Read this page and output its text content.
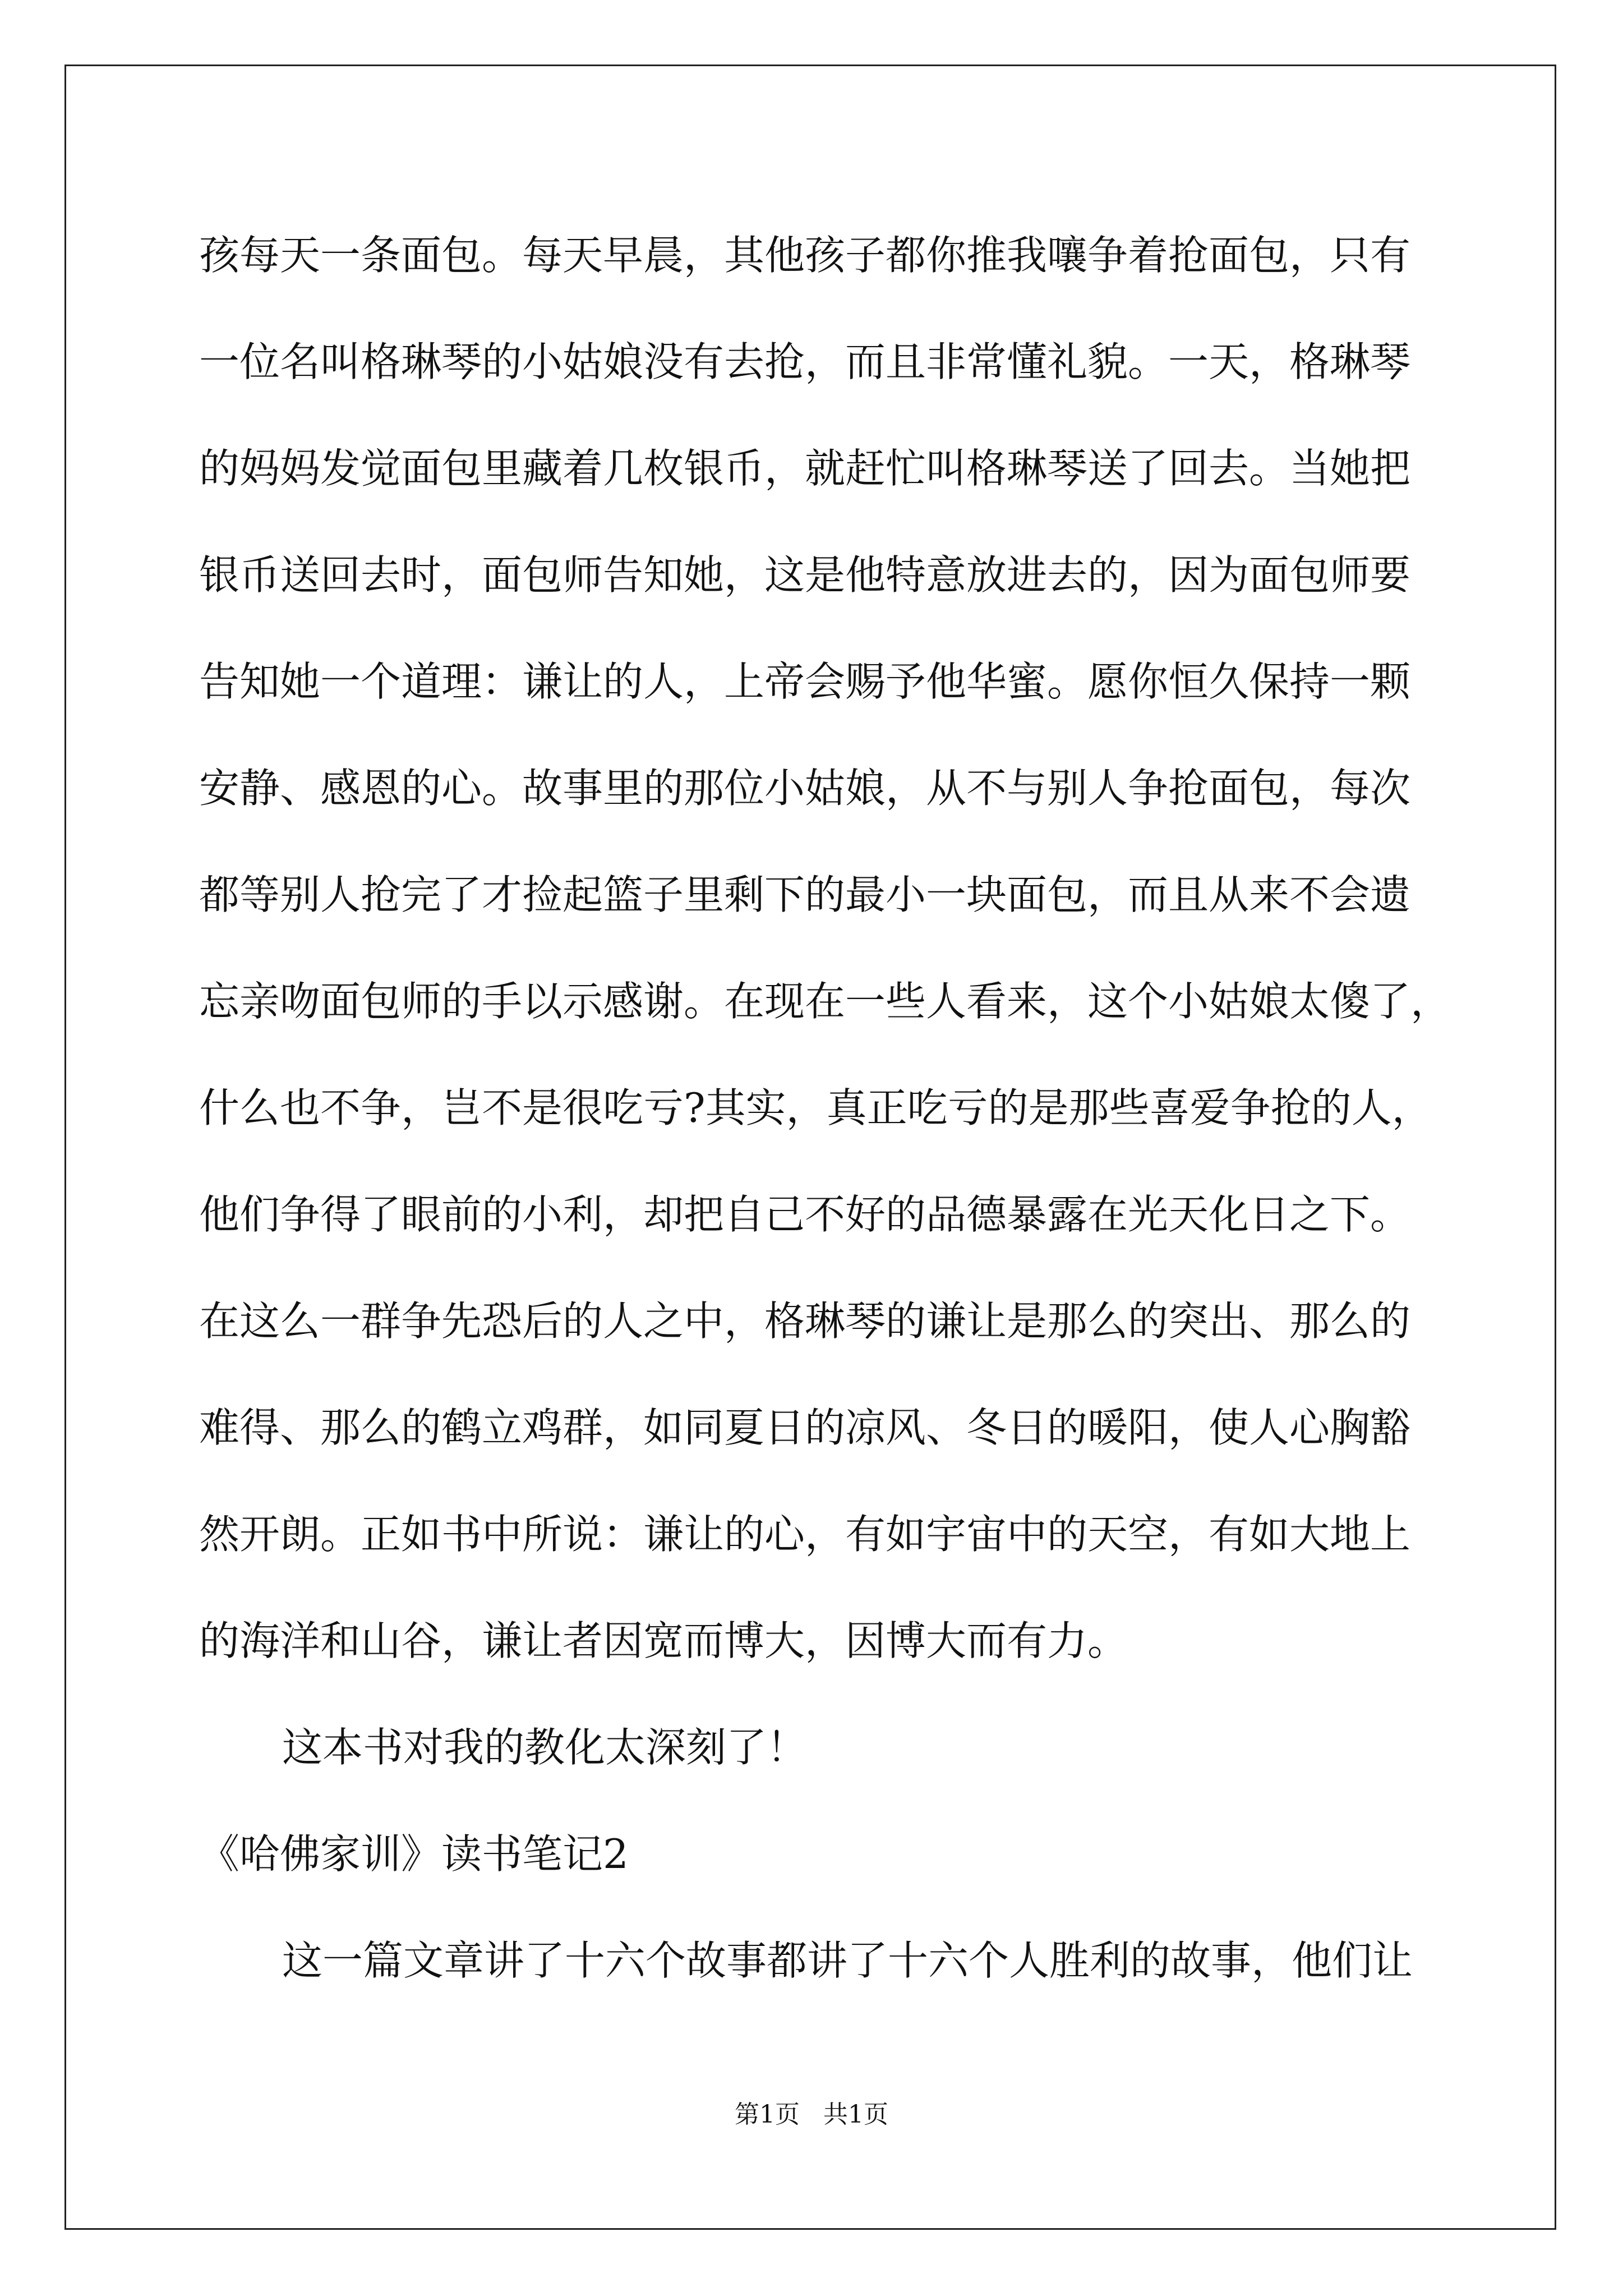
孩每天一条面包。每天早晨，其他孩子都你推我嚷争着抢面包，只有
一位名叫格琳琴的小姑娘没有去抢，而且非常懂礼貌。一天，格琳琴
的妈妈发觉面包里藏着几枚银币，就赶忙叫格琳琴送了回去。当她把
银币送回去时，面包师告知她，这是他特意放进去的，因为面包师要
告知她一个道理：谦让的人，上帝会赐予他华蜜。愿你恒久保持一颗
安静、感恩的心。故事里的那位小姑娘，从不与别人争抢面包，每次
都等别人抢完了才捡起篮子里剩下的最小一块面包，而且从来不会遗
忘亲吻面包师的手以示感谢。在现在一些人看来，这个小姑娘太傻了，
什么也不争，岂不是很吃亏?其实，真正吃亏的是那些喜爱争抢的人，
他们争得了眼前的小利，却把自己不好的品德暴露在光天化日之下。
在这么一群争先恐后的人之中，格琳琴的谦让是那么的突出、那么的
难得、那么的鹤立鸡群，如同夏日的凉风、冬日的暖阳，使人心胸豁
然开朗。正如书中所说：谦让的心，有如宇宙中的天空，有如大地上
的海洋和山谷，谦让者因宽而博大，因博大而有力。
这本书对我的教化太深刻了！
《哈佛家训》读书笔记2
这一篇文章讲了十六个故事都讲了十六个人胜利的故事，他们让
第1页   共1页
